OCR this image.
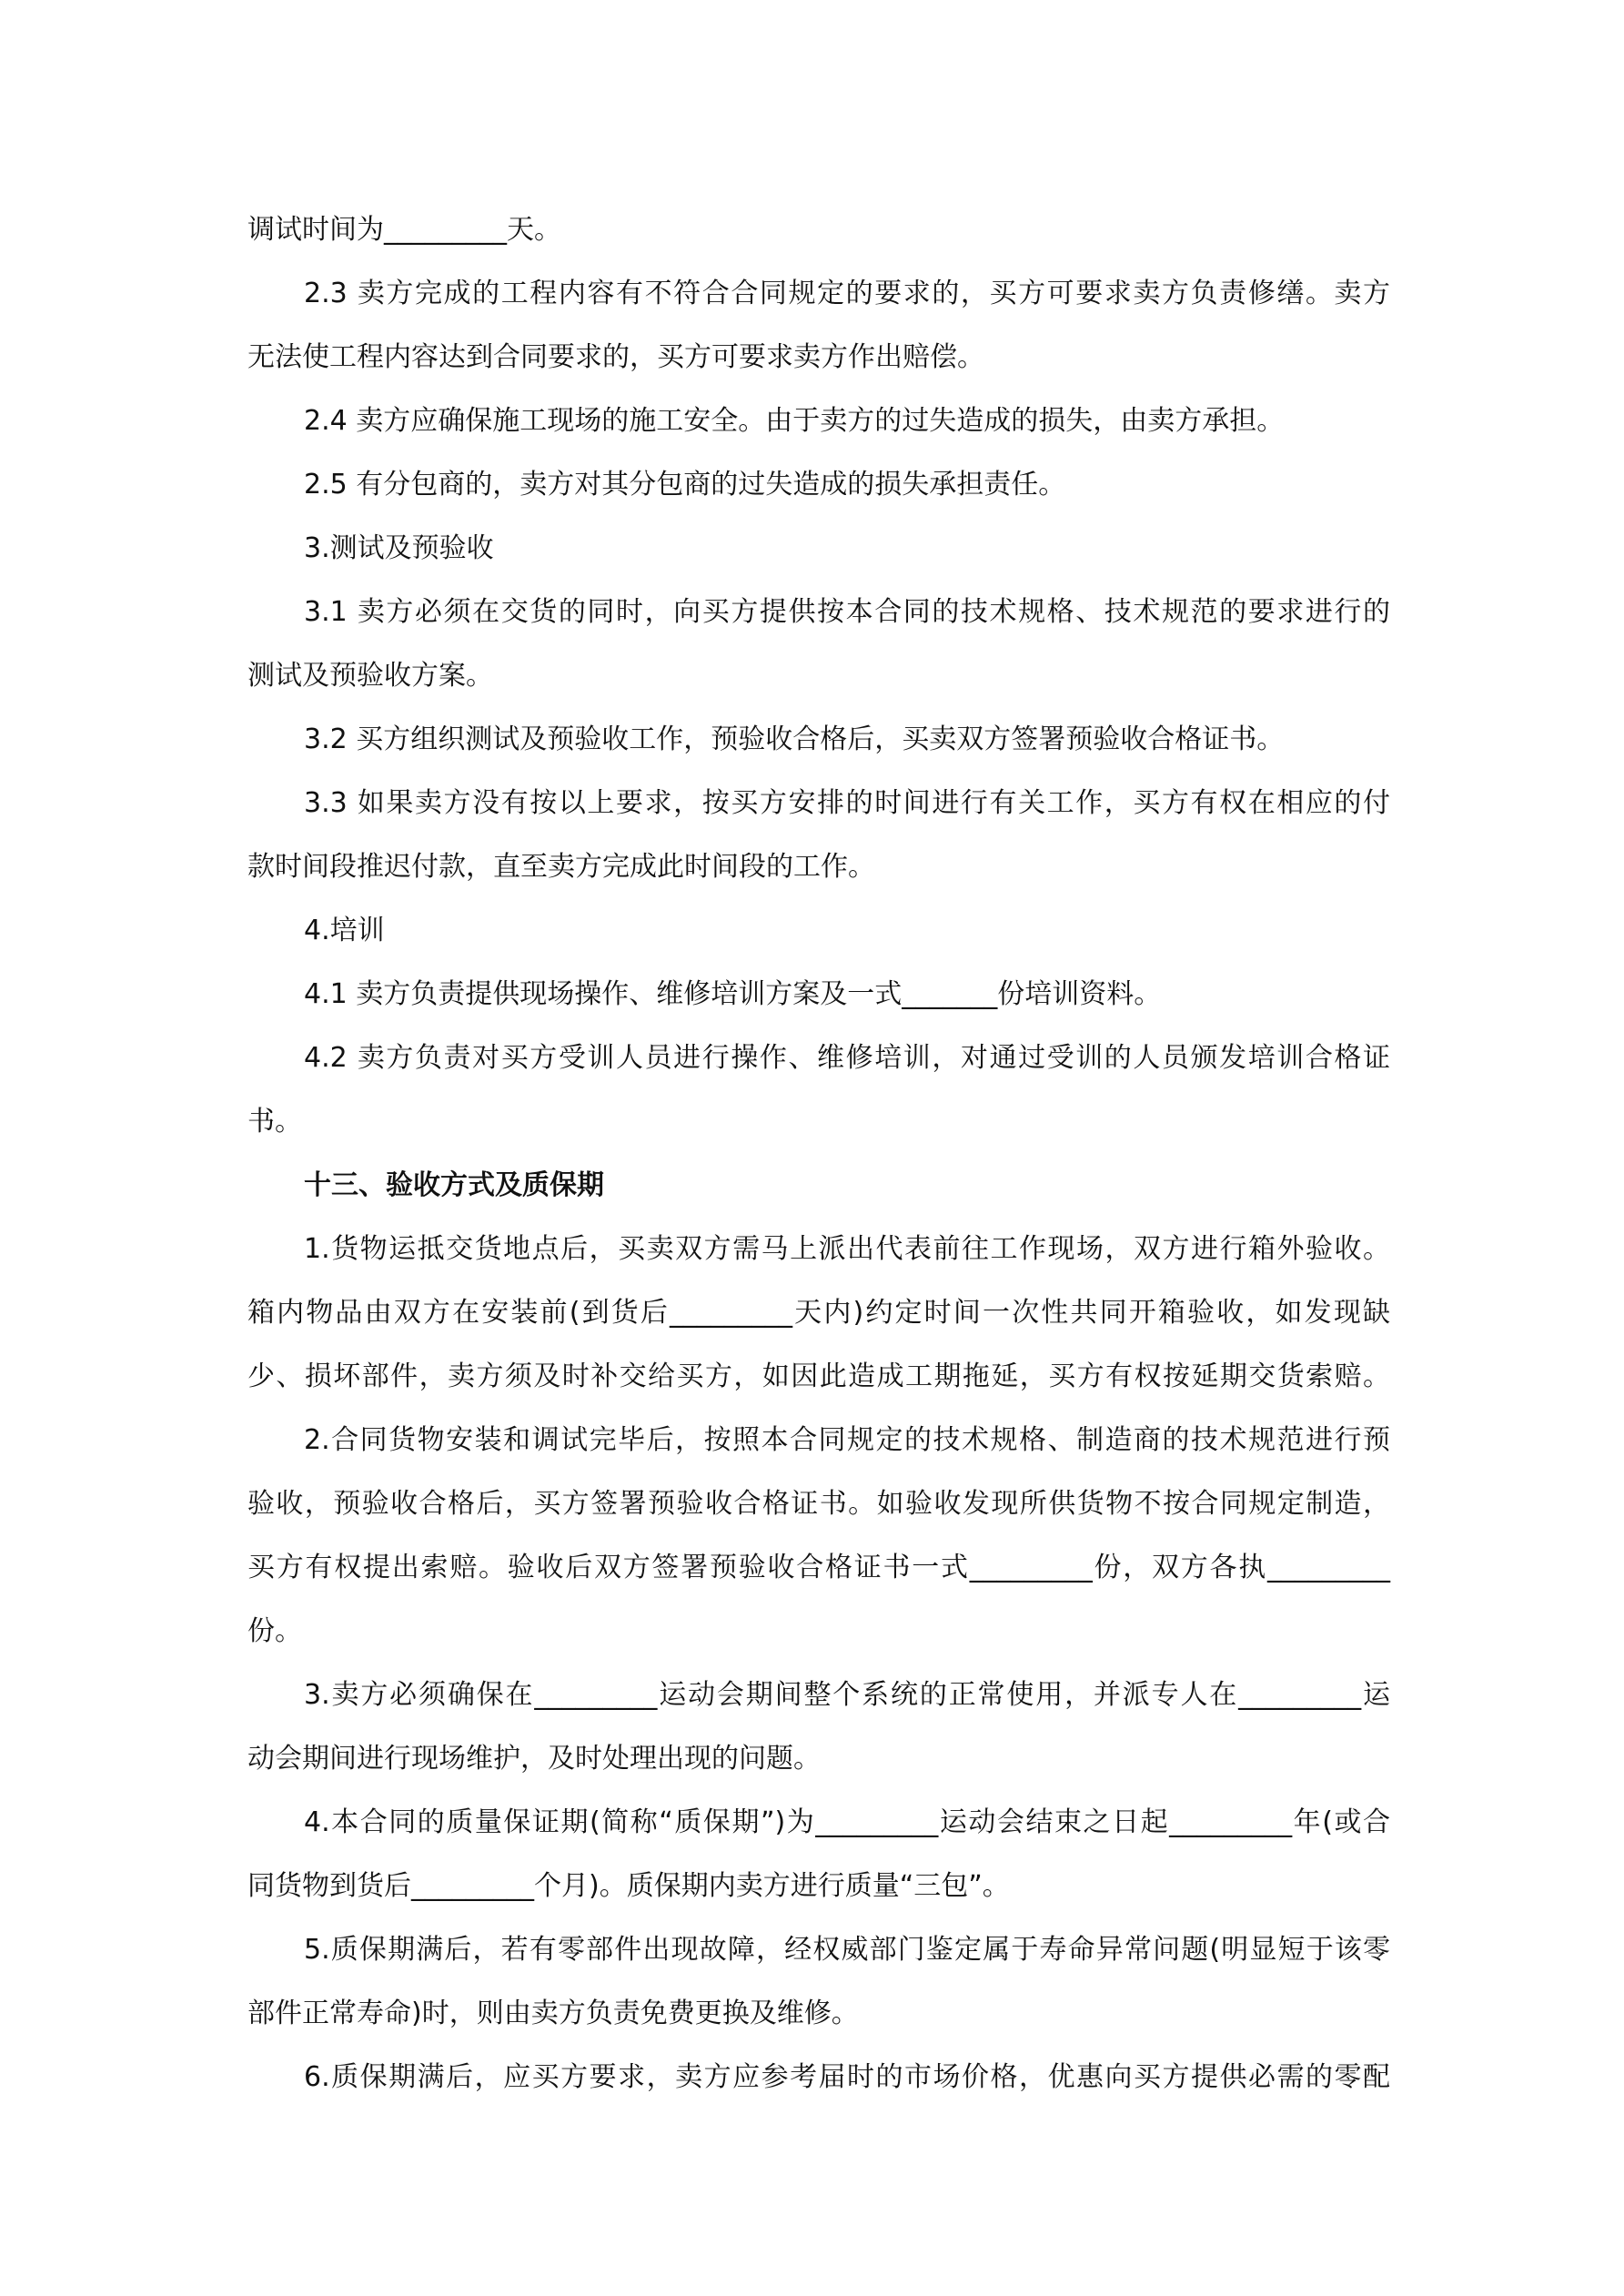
调试时间为_________天。
2.3 卖方完成的工程内容有不符合合同规定的要求的，买方可要求卖方负责修缮。卖方
无法使工程内容达到合同要求的，买方可要求卖方作出赔偿。
2.4 卖方应确保施工现场的施工安全。由于卖方的过失造成的损失，由卖方承担。
2.5 有分包商的，卖方对其分包商的过失造成的损失承担责任。
3.测试及预验收
3.1 卖方必须在交货的同时，向买方提供按本合同的技术规格、技术规范的要求进行的
测试及预验收方案。
3.2 买方组织测试及预验收工作，预验收合格后，买卖双方签署预验收合格证书。
3.3 如果卖方没有按以上要求，按买方安排的时间进行有关工作，买方有权在相应的付
款时间段推迟付款，直至卖方完成此时间段的工作。
4.培训
4.1 卖方负责提供现场操作、维修培训方案及一式_______份培训资料。
4.2 卖方负责对买方受训人员进行操作、维修培训，对通过受训的人员颁发培训合格证
书。
十三、验收方式及质保期
1.货物运抵交货地点后，买卖双方需马上派出代表前往工作现场，双方进行箱外验收。
箱内物品由双方在安装前(到货后_________天内)约定时间一次性共同开箱验收，如发现缺
少、损坏部件，卖方须及时补交给买方，如因此造成工期拖延，买方有权按延期交货索赔。
2.合同货物安装和调试完毕后，按照本合同规定的技术规格、制造商的技术规范进行预
验收，预验收合格后，买方签署预验收合格证书。如验收发现所供货物不按合同规定制造，
买方有权提出索赔。验收后双方签署预验收合格证书一式_________份，双方各执_________
份。
3.卖方必须确保在_________运动会期间整个系统的正常使用，并派专人在_________运
动会期间进行现场维护，及时处理出现的问题。
4.本合同的质量保证期(简称“质保期”)为_________运动会结束之日起_________年(或合
同货物到货后_________个月)。质保期内卖方进行质量“三包”。
5.质保期满后，若有零部件出现故障，经权威部门鉴定属于寿命异常问题(明显短于该零
部件正常寿命)时，则由卖方负责免费更换及维修。
6.质保期满后，应买方要求，卖方应参考届时的市场价格，优惠向买方提供必需的零配
